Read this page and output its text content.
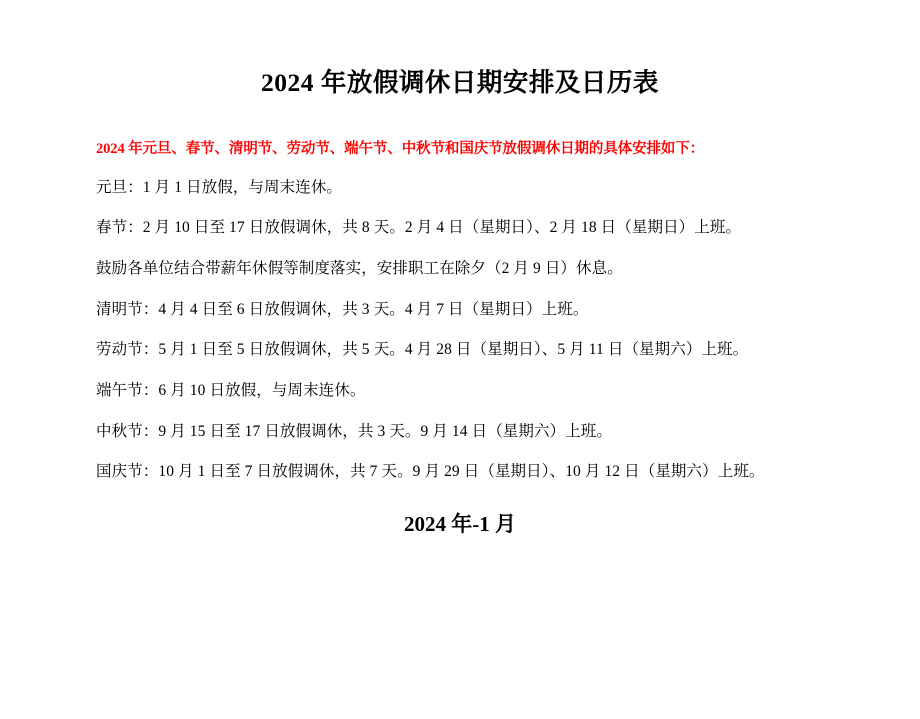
2024 年放假调休日期安排及日历表

2024 年元旦、春节、清明节、劳动节、端午节、中秋节和国庆节放假调休日期的具体安排如下：

元旦：1 月 1 日放假，与周末连休。

春节：2 月 10 日至 17 日放假调休，共 8 天。2 月 4 日（星期日）、2 月 18 日（星期日）上班。

鼓励各单位结合带薪年休假等制度落实，安排职工在除夕（2 月 9 日）休息。

清明节：4 月 4 日至 6 日放假调休，共 3 天。4 月 7 日（星期日）上班。

劳动节：5 月 1 日至 5 日放假调休，共 5 天。4 月 28 日（星期日）、5 月 11 日（星期六）上班。

端午节：6 月 10 日放假，与周末连休。

中秋节：9 月 15 日至 17 日放假调休，共 3 天。9 月 14 日（星期六）上班。

国庆节：10 月 1 日至 7 日放假调休，共 7 天。9 月 29 日（星期日）、10 月 12 日（星期六）上班。

2024 年-1 月
